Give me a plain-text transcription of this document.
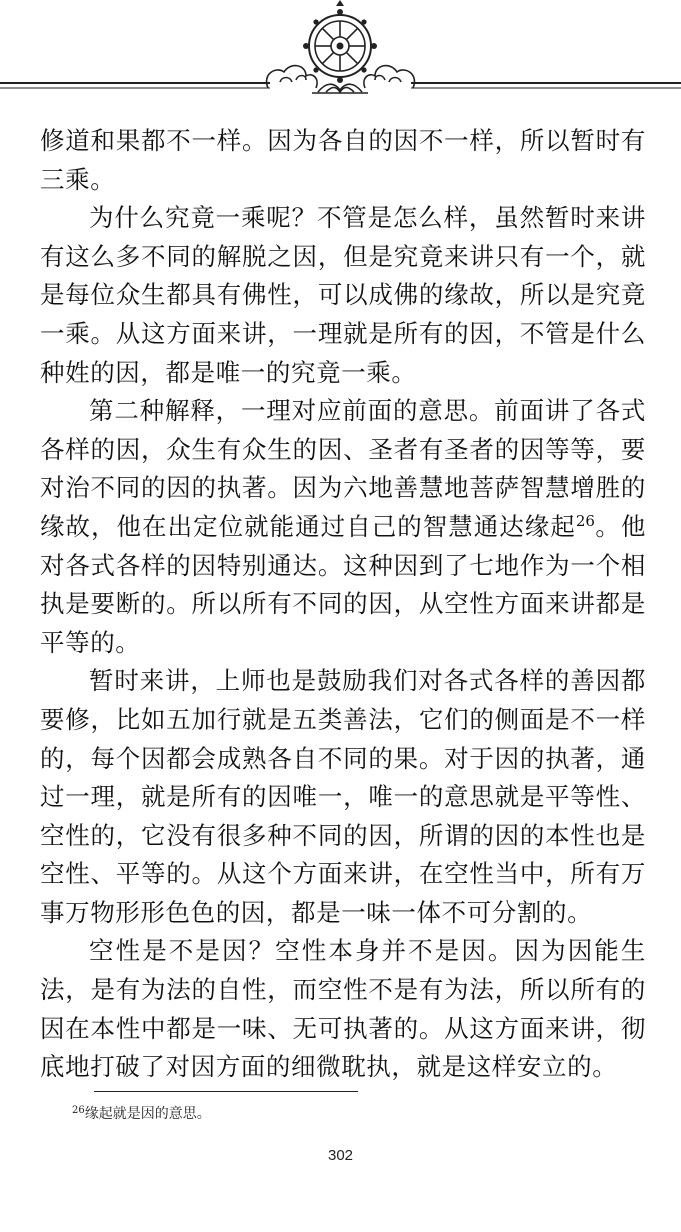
修道和果都不一样。因为各自的因不一样，所以暂时有三乘。

为什么究竟一乘呢？不管是怎么样，虽然暂时来讲有这么多不同的解脱之因，但是究竟来讲只有一个，就是每位众生都具有佛性，可以成佛的缘故，所以是究竟一乘。从这方面来讲，一理就是所有的因，不管是什么种姓的因，都是唯一的究竟一乘。

第二种解释，一理对应前面的意思。前面讲了各式各样的因，众生有众生的因、圣者有圣者的因等等，要对治不同的因的执著。因为六地善慧地菩萨智慧增胜的缘故，他在出定位就能通过自己的智慧通达缘起$^{26}$。他对各式各样的因特别通达。这种因到了七地作为一个相执是要断的。所以所有不同的因，从空性方面来讲都是平等的。

暂时来讲，上师也是鼓励我们对各式各样的善因都要修，比如五加行就是五类善法，它们的侧面是不一样的，每个因都会成熟各自不同的果。对于因的执著，通过一理，就是所有的因唯一，唯一的意思就是平等性、空性的，它没有很多种不同的因，所谓的因的本性也是空性、平等的。从这个方面来讲，在空性当中，所有万事万物形形色色的因，都是一味一体不可分割的。

空性是不是因？空性本身并不是因。因为因能生法，是有为法的自性，而空性不是有为法，所以所有的因在本性中都是一味、无可执著的。从这方面来讲，彻底地打破了对因方面的细微耽执，就是这样安立的。

$^{26}$缘起就是因的意思。
302
